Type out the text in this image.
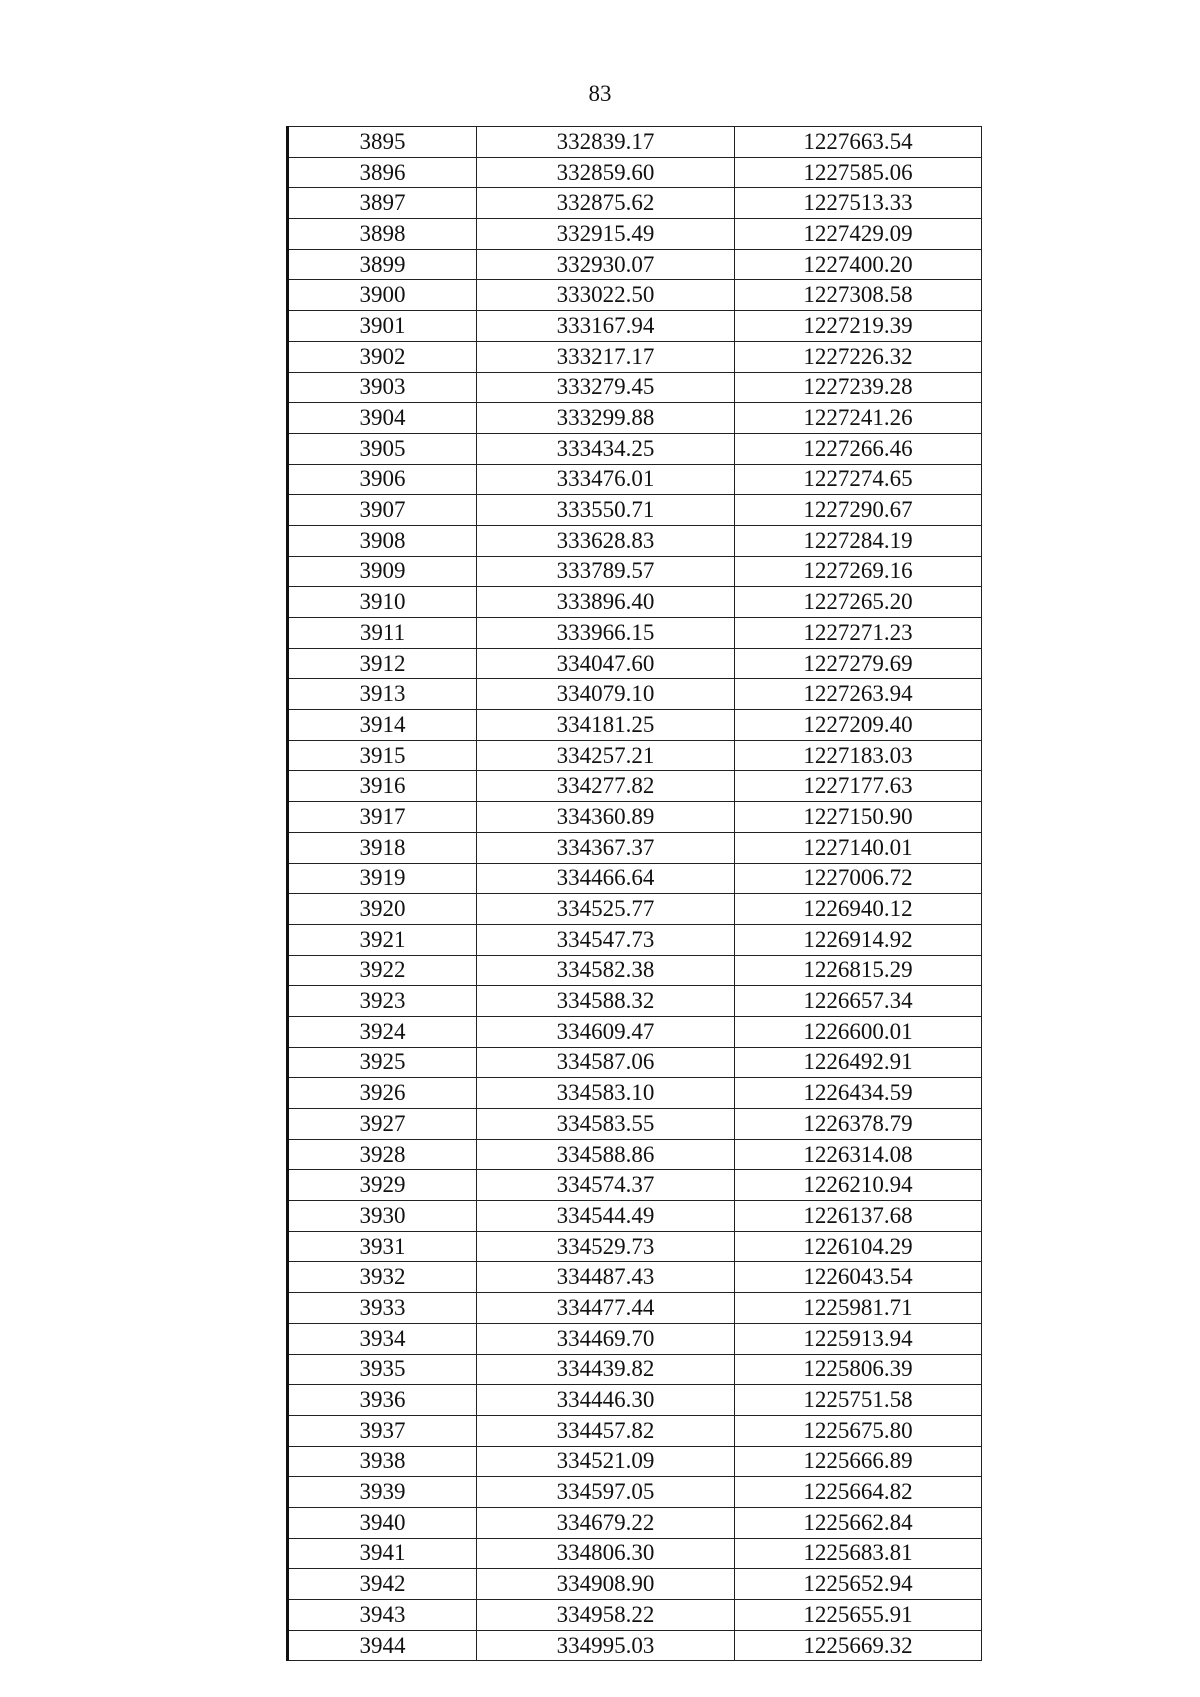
83
3895	332839.17	1227663.54
3896	332859.60	1227585.06
3897	332875.62	1227513.33
3898	332915.49	1227429.09
3899	332930.07	1227400.20
3900	333022.50	1227308.58
3901	333167.94	1227219.39
3902	333217.17	1227226.32
3903	333279.45	1227239.28
3904	333299.88	1227241.26
3905	333434.25	1227266.46
3906	333476.01	1227274.65
3907	333550.71	1227290.67
3908	333628.83	1227284.19
3909	333789.57	1227269.16
3910	333896.40	1227265.20
3911	333966.15	1227271.23
3912	334047.60	1227279.69
3913	334079.10	1227263.94
3914	334181.25	1227209.40
3915	334257.21	1227183.03
3916	334277.82	1227177.63
3917	334360.89	1227150.90
3918	334367.37	1227140.01
3919	334466.64	1227006.72
3920	334525.77	1226940.12
3921	334547.73	1226914.92
3922	334582.38	1226815.29
3923	334588.32	1226657.34
3924	334609.47	1226600.01
3925	334587.06	1226492.91
3926	334583.10	1226434.59
3927	334583.55	1226378.79
3928	334588.86	1226314.08
3929	334574.37	1226210.94
3930	334544.49	1226137.68
3931	334529.73	1226104.29
3932	334487.43	1226043.54
3933	334477.44	1225981.71
3934	334469.70	1225913.94
3935	334439.82	1225806.39
3936	334446.30	1225751.58
3937	334457.82	1225675.80
3938	334521.09	1225666.89
3939	334597.05	1225664.82
3940	334679.22	1225662.84
3941	334806.30	1225683.81
3942	334908.90	1225652.94
3943	334958.22	1225655.91
3944	334995.03	1225669.32
